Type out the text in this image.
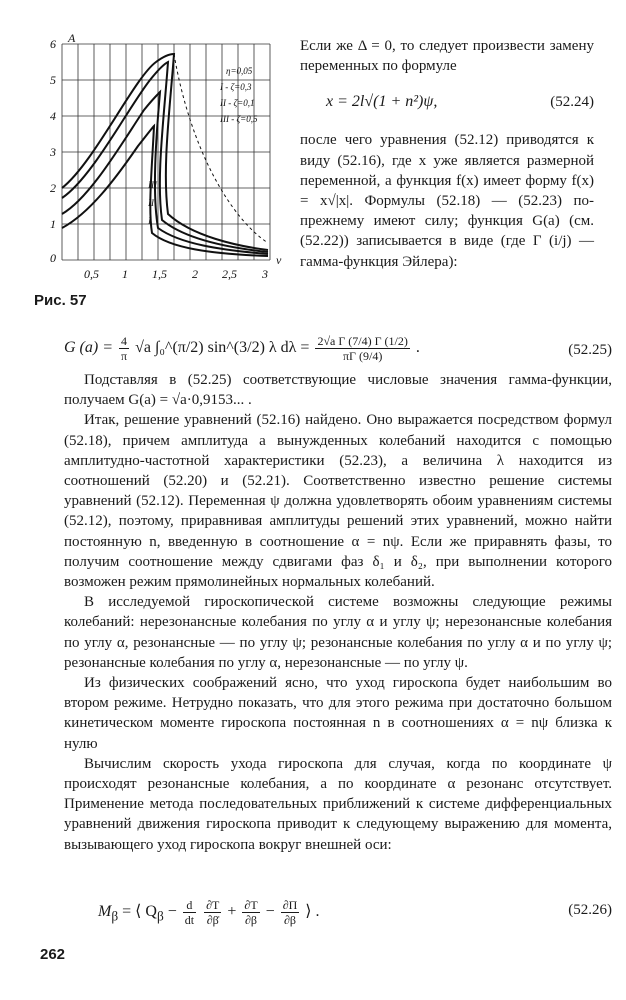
A
0
1
2
3
4
5
6
0,5 1 1,5 2 2,5 3
v
η=0,05
I - ζ=0,3
II - ζ=0,1
III - ζ=0,5
III
II
I
Рис. 57

Если же Δ = 0, то следует произвести замену переменных по формуле

x = 2l√(1 + n²)ψ,	(52.24)

после чего уравнения (52.12) приводятся к виду (52.16), где x уже является размерной переменной, а функция f(x) имеет форму f(x) = x√|x|. Формулы (52.18) — (52.23) по-прежнему имеют силу; функция G(a) (см. (52.22)) записывается в виде (где Γ (i/j) — гамма-функция Эйлера):

G $(a) = \frac{4}{\pi} √a$ ∫₀^(π/2) sin^(3/2) λ $d\lambda = \frac{\text{2√a Γ (7/4) Γ (1/2)}}{\pi\Gamma (9/4)}$ .	(52.25)

Подставляя в (52.25) соответствующие числовые значения гамма-функции, получаем G(a) = √a·0,9153... .

Итак, решение уравнений (52.16) найдено. Оно выражается посредством формул (52.18), причем амплитуда a вынужденных колебаний находится с помощью амплитудно-частотной характеристики (52.23), а величина λ находится из соотношений (52.20) и (52.21). Соответственно известно решение системы уравнений (52.12). Переменная ψ должна удовлетворять обоим уравнениям системы (52.12), поэтому, приравнивая амплитуды решений этих уравнений, можно найти постоянную n, введенную в соотношение α = nψ. Если же приравнять фазы, то получим соотношение между сдвигами фаз δ₁ и δ₂, при выполнении которого возможен режим прямолинейных нормальных колебаний.

В исследуемой гироскопической системе возможны следующие режимы колебаний: нерезонансные колебания по углу α и углу ψ; нерезонансные колебания по углу α, резонансные — по углу ψ; резонансные колебания по углу α и по углу ψ; резонансные колебания по углу α, нерезонансные — по углу ψ.

Из физических соображений ясно, что уход гироскопа будет наибольшим во втором режиме. Нетрудно показать, что для этого режима при достаточно большом кинетическом моменте гироскопа постоянная n в соотношениях α = nψ близка к нулю

Вычислим скорость ухода гироскопа для случая, когда по координате ψ происходят резонансные колебания, а по координате α резонанс отсутствует. Применение метода последовательных приближений к системе дифференциальных уравнений движения гироскопа приводит к следующему выражению для момента, вызывающего уход гироскопа вокруг внешней оси:

$M_\beta$ = ⟨ $Q_\beta - \frac{d}{dt}$
$\frac{\partial T}{\partial\betȧ} + \frac{\partial T}{\partial\beta} - \frac{\partial\Pi}{\partial\beta}$ ⟩ .	(52.26)
262
